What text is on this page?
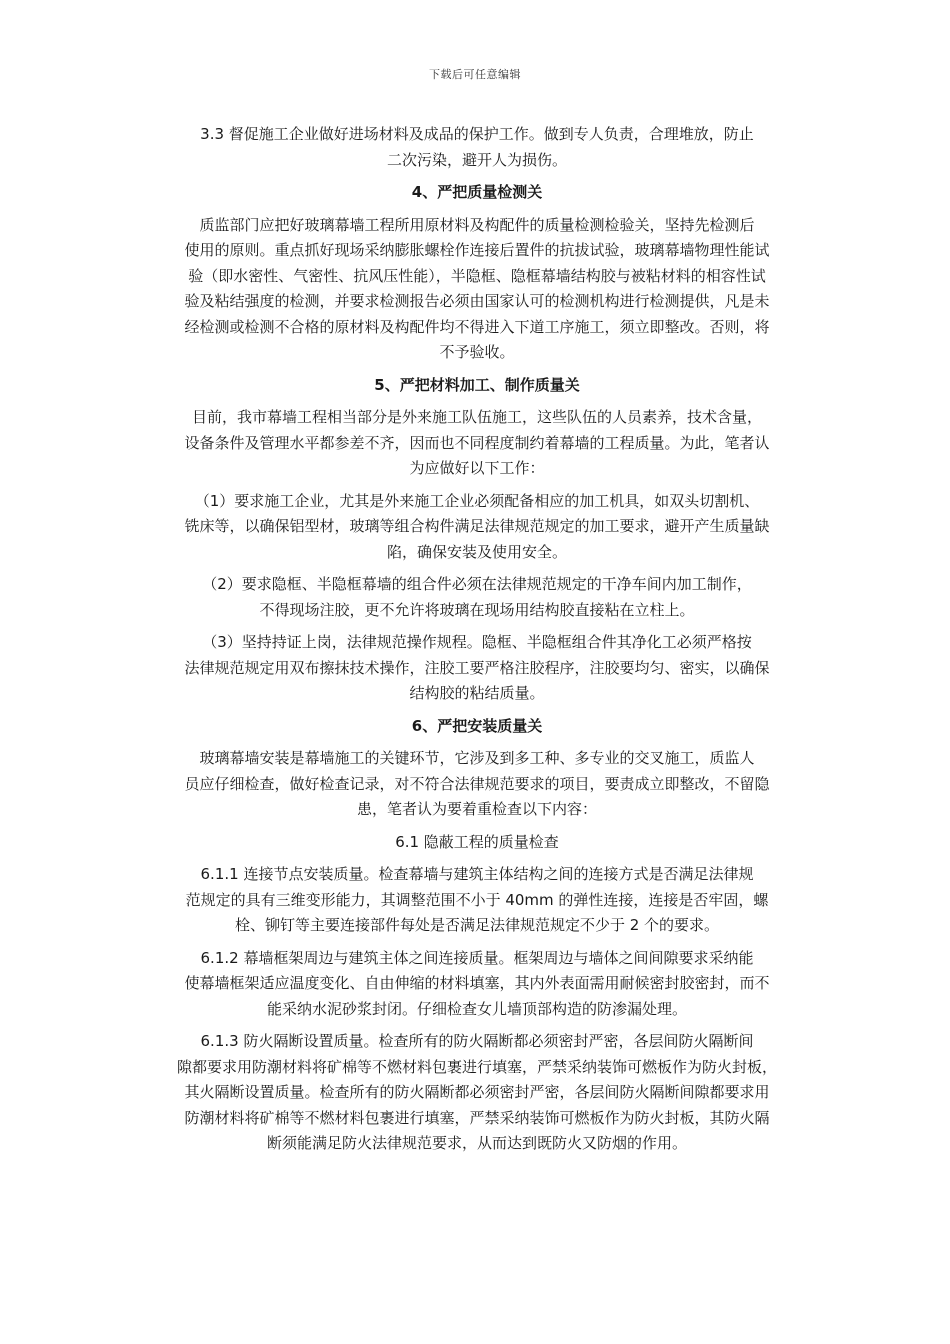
下载后可任意编辑

3.3 督促施工企业做好进场材料及成品的保护工作。做到专人负责，合理堆放，防止
二次污染，避开人为损伤。

4、严把质量检测关

质监部门应把好玻璃幕墙工程所用原材料及构配件的质量检测检验关，坚持先检测后
使用的原则。重点抓好现场采纳膨胀螺栓作连接后置件的抗拔试验，玻璃幕墙物理性能试
验（即水密性、气密性、抗风压性能），半隐框、隐框幕墙结构胶与被粘材料的相容性试
验及粘结强度的检测，并要求检测报告必须由国家认可的检测机构进行检测提供，凡是未
经检测或检测不合格的原材料及构配件均不得进入下道工序施工，须立即整改。否则，将
不予验收。

5、严把材料加工、制作质量关

目前，我市幕墙工程相当部分是外来施工队伍施工，这些队伍的人员素养，技术含量，
设备条件及管理水平都参差不齐，因而也不同程度制约着幕墙的工程质量。为此，笔者认
为应做好以下工作：

（1）要求施工企业，尤其是外来施工企业必须配备相应的加工机具，如双头切割机、
铣床等，以确保铝型材，玻璃等组合构件满足法律规范规定的加工要求，避开产生质量缺
陷，确保安装及使用安全。

（2）要求隐框、半隐框幕墙的组合件必须在法律规范规定的干净车间内加工制作，
不得现场注胶，更不允许将玻璃在现场用结构胶直接粘在立柱上。

（3）坚持持证上岗，法律规范操作规程。隐框、半隐框组合件其净化工必须严格按
法律规范规定用双布擦抹技术操作，注胶工要严格注胶程序，注胶要均匀、密实，以确保
结构胶的粘结质量。

6、严把安装质量关

玻璃幕墙安装是幕墙施工的关键环节，它涉及到多工种、多专业的交叉施工，质监人
员应仔细检查，做好检查记录，对不符合法律规范要求的项目，要责成立即整改，不留隐
患，笔者认为要着重检查以下内容：

6.1 隐蔽工程的质量检查

6.1.1 连接节点安装质量。检查幕墙与建筑主体结构之间的连接方式是否满足法律规
范规定的具有三维变形能力，其调整范围不小于 40mm 的弹性连接，连接是否牢固，螺
栓、铆钉等主要连接部件每处是否满足法律规范规定不少于 2 个的要求。

6.1.2 幕墙框架周边与建筑主体之间连接质量。框架周边与墙体之间间隙要求采纳能
使幕墙框架适应温度变化、自由伸缩的材料填塞，其内外表面需用耐候密封胶密封，而不
能采纳水泥砂浆封闭。仔细检查女儿墙顶部构造的防渗漏处理。

6.1.3 防火隔断设置质量。检查所有的防火隔断都必须密封严密，各层间防火隔断间
隙都要求用防潮材料将矿棉等不燃材料包裹进行填塞，严禁采纳装饰可燃板作为防火封板，
其火隔断设置质量。检查所有的防火隔断都必须密封严密，各层间防火隔断间隙都要求用
防潮材料将矿棉等不燃材料包裹进行填塞，严禁采纳装饰可燃板作为防火封板，其防火隔
断须能满足防火法律规范要求，从而达到既防火又防烟的作用。
